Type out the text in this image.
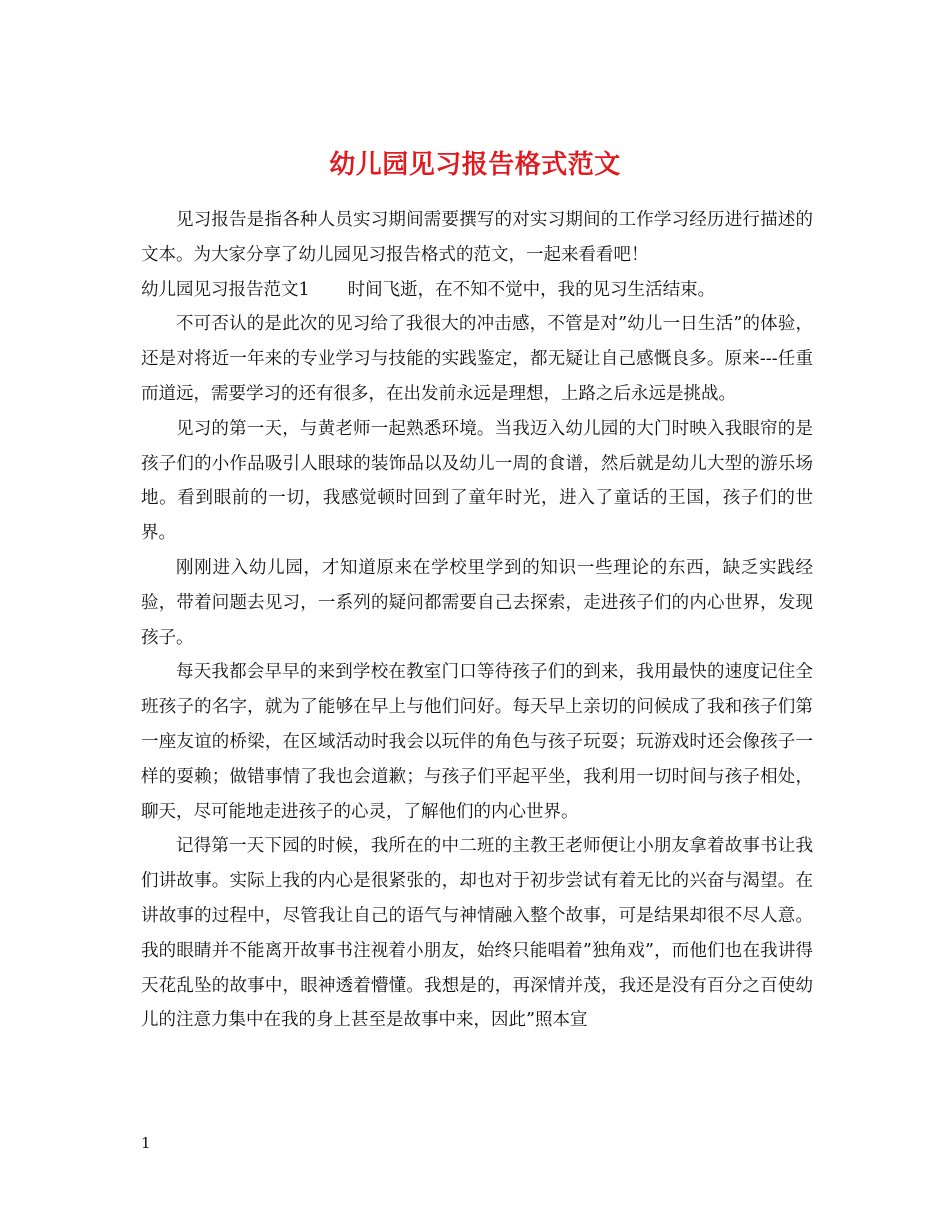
幼儿园见习报告格式范文

见习报告是指各种人员实习期间需要撰写的对实习期间的工作学习经历进行描述的文本。为大家分享了幼儿园见习报告格式的范文，一起来看看吧！

幼儿园见习报告范文1 时间飞逝，在不知不觉中，我的见习生活结束。

不可否认的是此次的见习给了我很大的冲击感，不管是对”幼儿一日生活”的体验，还是对将近一年来的专业学习与技能的实践鉴定，都无疑让自己感慨良多。原来---任重而道远，需要学习的还有很多，在出发前永远是理想，上路之后永远是挑战。

见习的第一天，与黄老师一起熟悉环境。当我迈入幼儿园的大门时映入我眼帘的是孩子们的小作品吸引人眼球的装饰品以及幼儿一周的食谱，然后就是幼儿大型的游乐场地。看到眼前的一切，我感觉顿时回到了童年时光，进入了童话的王国，孩子们的世界。

刚刚进入幼儿园，才知道原来在学校里学到的知识一些理论的东西，缺乏实践经验，带着问题去见习，一系列的疑问都需要自己去探索，走进孩子们的内心世界，发现孩子。

每天我都会早早的来到学校在教室门口等待孩子们的到来，我用最快的速度记住全班孩子的名字，就为了能够在早上与他们问好。每天早上亲切的问候成了我和孩子们第一座友谊的桥梁，在区域活动时我会以玩伴的角色与孩子玩耍；玩游戏时还会像孩子一样的耍赖；做错事情了我也会道歉；与孩子们平起平坐，我利用一切时间与孩子相处，聊天，尽可能地走进孩子的心灵，了解他们的内心世界。

记得第一天下园的时候，我所在的中二班的主教王老师便让小朋友拿着故事书让我们讲故事。实际上我的内心是很紧张的，却也对于初步尝试有着无比的兴奋与渴望。在讲故事的过程中，尽管我让自己的语气与神情融入整个故事，可是结果却很不尽人意。我的眼睛并不能离开故事书注视着小朋友，始终只能唱着”独角戏”，而他们也在我讲得天花乱坠的故事中，眼神透着懵懂。我想是的，再深情并茂，我还是没有百分之百使幼儿的注意力集中在我的身上甚至是故事中来，因此”照本宣

1
